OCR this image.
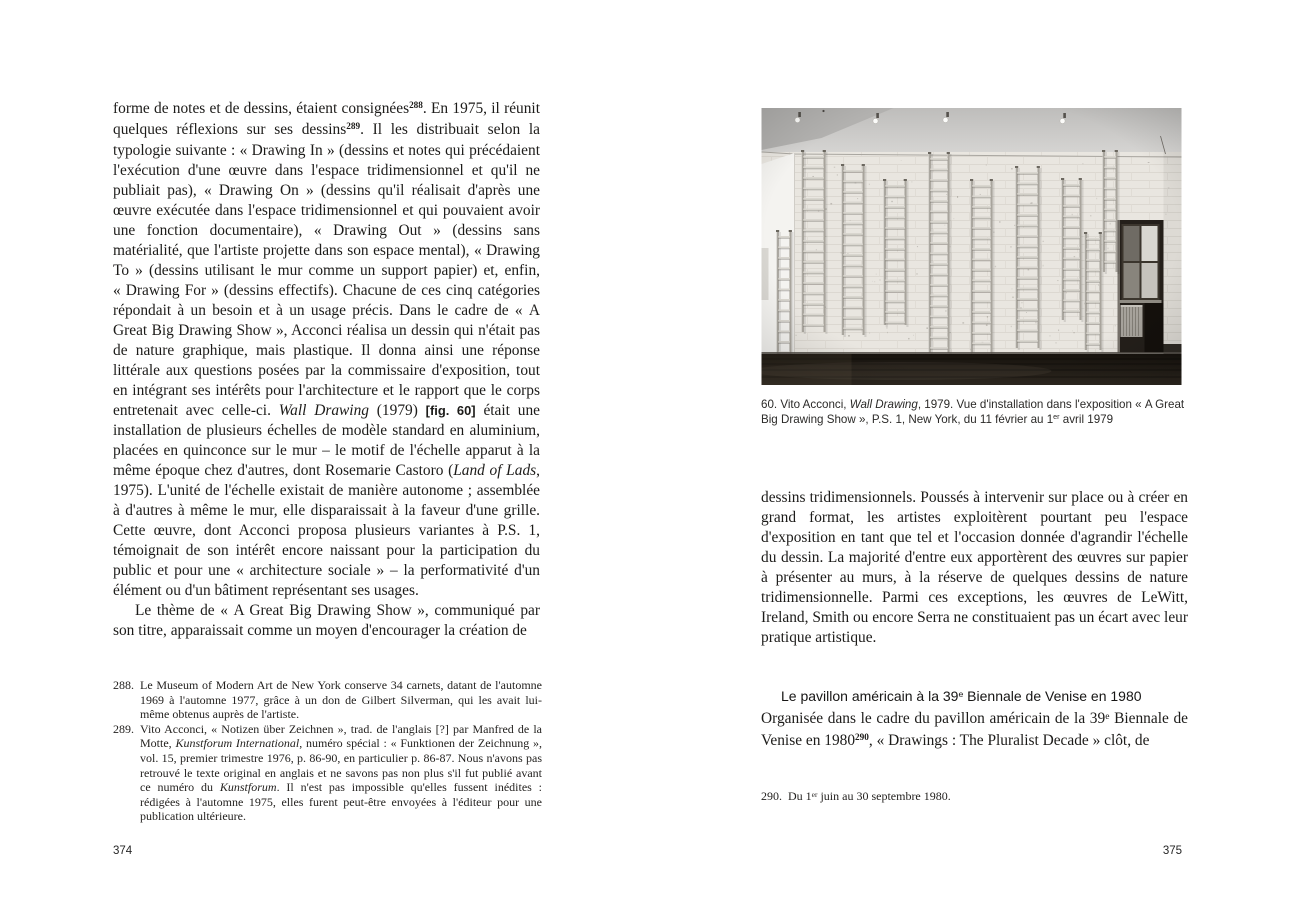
forme de notes et de dessins, étaient consignées$^{288}$. En 1975, il réunit quelques réflexions sur ses dessins$^{289}$. Il les distribuait selon la typologie suivante : « Drawing In » (dessins et notes qui précédaient l'exécution d'une œuvre dans l'espace tridimensionnel et qu'il ne publiait pas), « Drawing On » (dessins qu'il réalisait d'après une œuvre exécutée dans l'espace tridimensionnel et qui pouvaient avoir une fonction documentaire), « Drawing Out » (dessins sans matérialité, que l'artiste projette dans son espace mental), « Drawing To » (dessins utilisant le mur comme un support papier) et, enfin, « Drawing For » (dessins effectifs). Chacune de ces cinq catégories répondait à un besoin et à un usage précis. Dans le cadre de « A Great Big Drawing Show », Acconci réalisa un dessin qui n'était pas de nature graphique, mais plastique. Il donna ainsi une réponse littérale aux questions posées par la commissaire d'exposition, tout en intégrant ses intérêts pour l'architecture et le rapport que le corps entretenait avec celle-ci. Wall Drawing (1979) [fig. 60] était une installation de plusieurs échelles de modèle standard en aluminium, placées en quinconce sur le mur – le motif de l'échelle apparut à la même époque chez d'autres, dont Rosemarie Castoro (Land of Lads, 1975). L'unité de l'échelle existait de manière autonome ; assemblée à d'autres à même le mur, elle disparaissait à la faveur d'une grille. Cette œuvre, dont Acconci proposa plusieurs variantes à P.S. 1, témoignait de son intérêt encore naissant pour la participation du public et pour une « architecture sociale » – la performativité d'un élément ou d'un bâtiment représentant ses usages.

Le thème de « A Great Big Drawing Show », communiqué par son titre, apparaissait comme un moyen d'encourager la création de

288. Le Museum of Modern Art de New York conserve 34 carnets, datant de l'automne 1969 à l'automne 1977, grâce à un don de Gilbert Silverman, qui les avait lui-même obtenus auprès de l'artiste.
289. Vito Acconci, « Notizen über Zeichnen », trad. de l'anglais [?] par Manfred de la Motte, Kunstforum International, numéro spécial : « Funktionen der Zeichnung », vol. 15, premier trimestre 1976, p. 86-90, en particulier p. 86-87. Nous n'avons pas retrouvé le texte original en anglais et ne savons pas non plus s'il fut publié avant ce numéro du Kunstforum. Il n'est pas impossible qu'elles fussent inédites : rédigées à l'automne 1975, elles furent peut-être envoyées à l'éditeur pour une publication ultérieure.
374
60. Vito Acconci, Wall Drawing, 1979. Vue d'installation dans l'exposition « A Great Big Drawing Show », P.S. 1, New York, du 11 février au 1er avril 1979

dessins tridimensionnels. Poussés à intervenir sur place ou à créer en grand format, les artistes exploitèrent pourtant peu l'espace d'exposition en tant que tel et l'occasion donnée d'agrandir l'échelle du dessin. La majorité d'entre eux apportèrent des œuvres sur papier à présenter au murs, à la réserve de quelques dessins de nature tridimensionnelle. Parmi ces exceptions, les œuvres de LeWitt, Ireland, Smith ou encore Serra ne constituaient pas un écart avec leur pratique artistique.

Le pavillon américain à la 39e Biennale de Venise en 1980

Organisée dans le cadre du pavillon américain de la 39e Biennale de Venise en 1980$^{290}$, « Drawings : The Pluralist Decade » clôt, de

290. Du 1er juin au 30 septembre 1980.
375
